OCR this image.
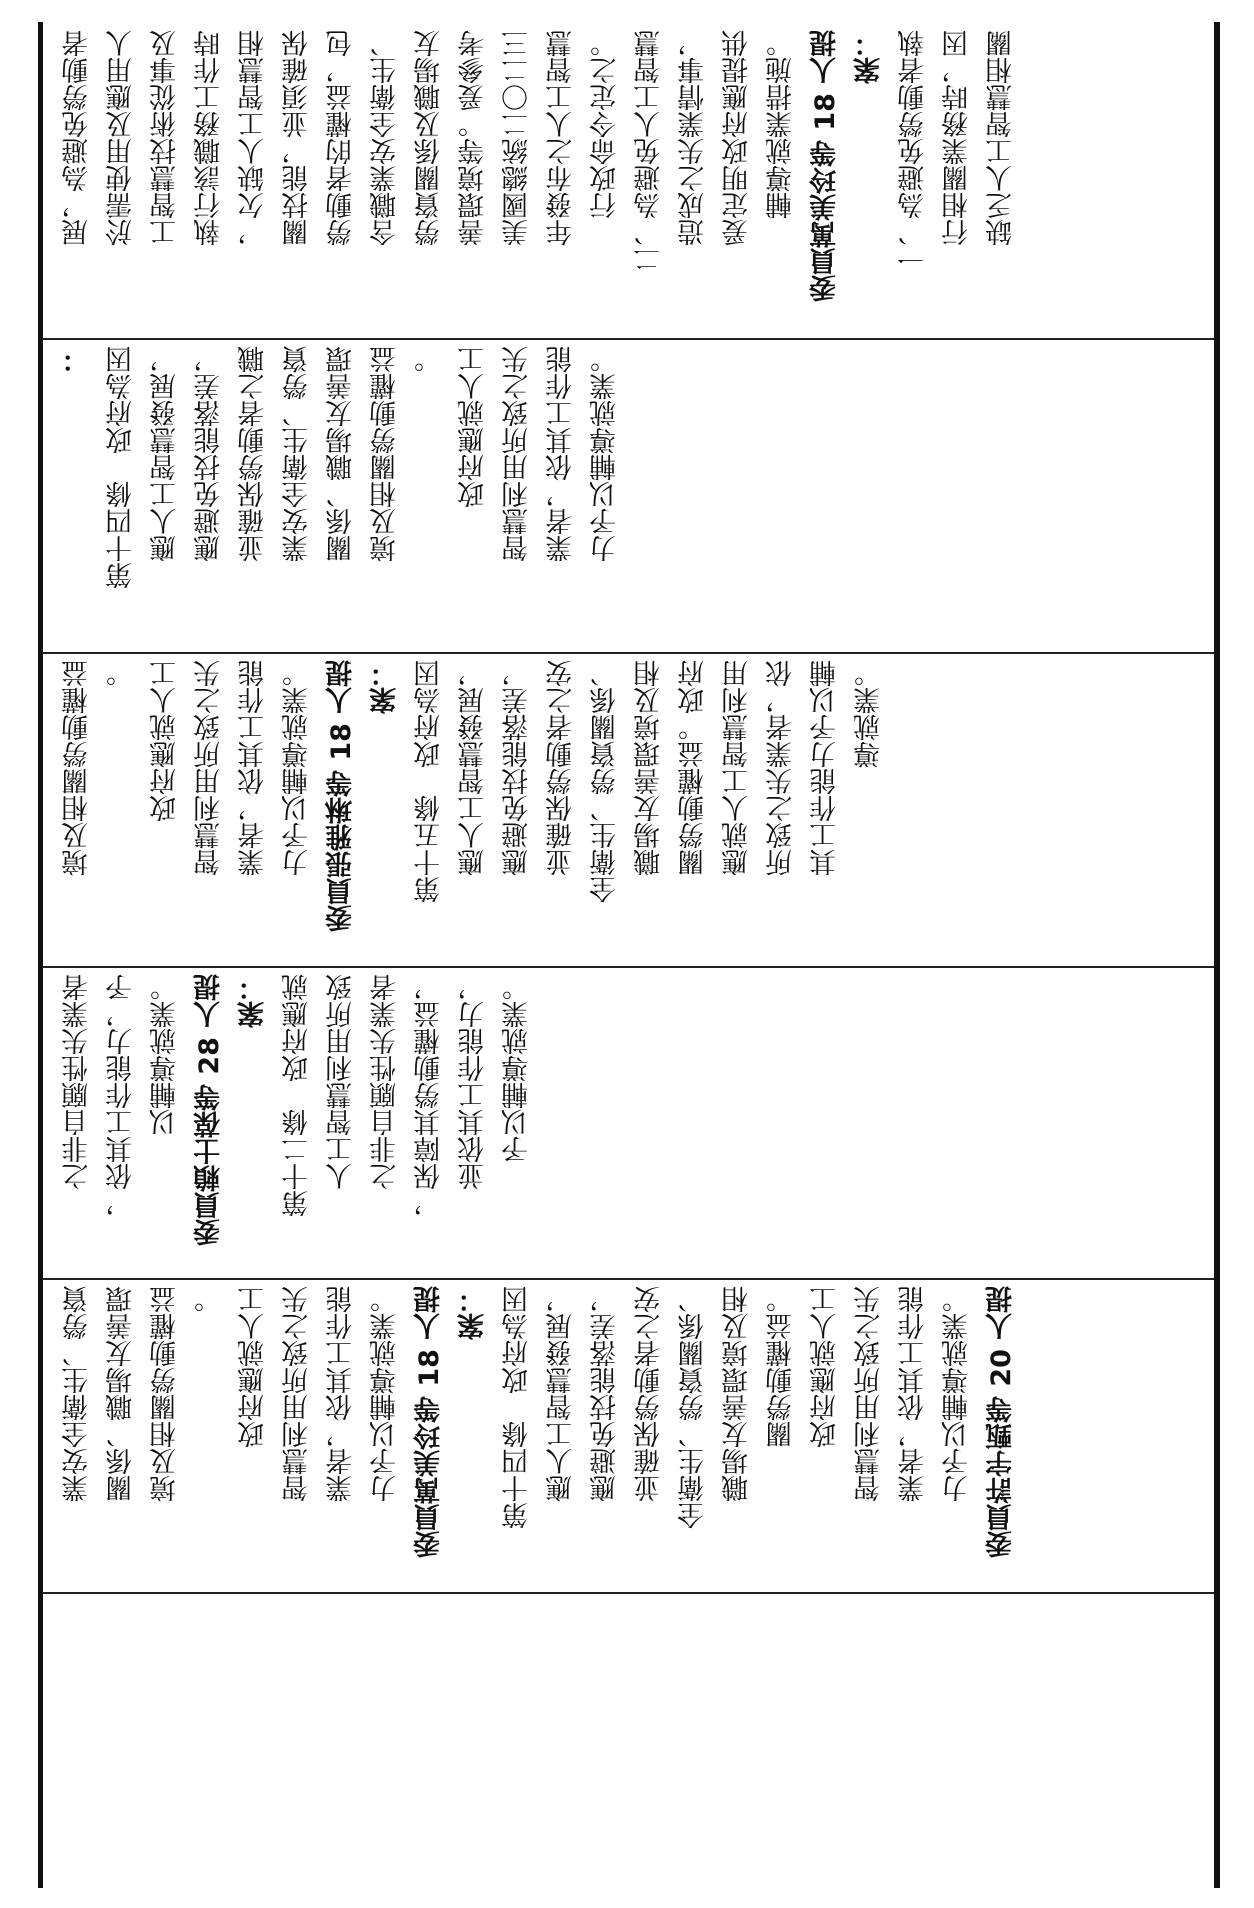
展，為避免勞動者 於需使用及應用人 工智慧技術從事及 執行該職務工作時 ，欠缺人工智慧相 關技能，並須確保 勞動者的權益，包 含職業安全衛生、 勞資關係及職場友 善環境等。爰參考 美國總統二〇二三 年發布之人工智慧 行政命令定之。 二、為避免人工智慧 　　造成之失業情事， 　　爰定明政府應提供 　　輔導就業措施。 委員萬美玲等 18 人提 案： 一、為避免勞動者執 　　行相關業務時，因 　　缺乏人工智慧相關
： 第十四條　政府為因 　　應人工智慧發展， 　　應避免技能落差， 　　並確保勞動者之職 　　業安全衛生、勞資 　　關係、職場友善環 　　境及相關勞動權益 　　。 　　　　政府應就人工 　　智慧利用所致之失 　　業者，依其工作能 　　力予以輔導就業。
　　境及相關勞動權益 　　。 　　　　政府應就人工 　　智慧利用所致之失 　　業者，依其工作能 　　力予以輔導就業。 委員張雅琳等 18 人提 案： 第十五條　政府為因 　　應人工智慧發展， 　　應避免技能落差， 　　並確保勞動者之安 　　全衛生、勞資關係、 　　職場友善環境及相 　　關勞動權益。政府 　　應就人工智慧利用 　　所致之失業者，依 　　其工作能力予以輔 　　導就業。
　　之非自願性失業者 　　，依其工作能力，予 　　以輔導就業。 委員賴士葆等 28 人提 案： 第十二條　政府應就 　　人工智慧利用所致 　　之非自願性失業者 　　，保障其勞動權益， 　　並依其工作能力， 　　予以輔導就業。
　　業安全衛生、勞資 　　關係、職場友善環 　　境及相關勞動權益 　　。 　　　　政府應就人工 　　智慧利用所致之失 　　業者，依其工作能 　　力予以輔導就業。 委員萬美玲等 18 人提 案： 第十四條　政府為因 　　應人工智慧發展， 　　應避免技能落差， 　　並確保勞動者之安 　　全衛生、勞資關係、 　　職場友善環境及相 　　關勞動權益。 　　　　政府應就人工 　　智慧利用所致之失 　　業者，依其工作能 　　力予以輔導就業。 委員許宇甄等 20 人提
